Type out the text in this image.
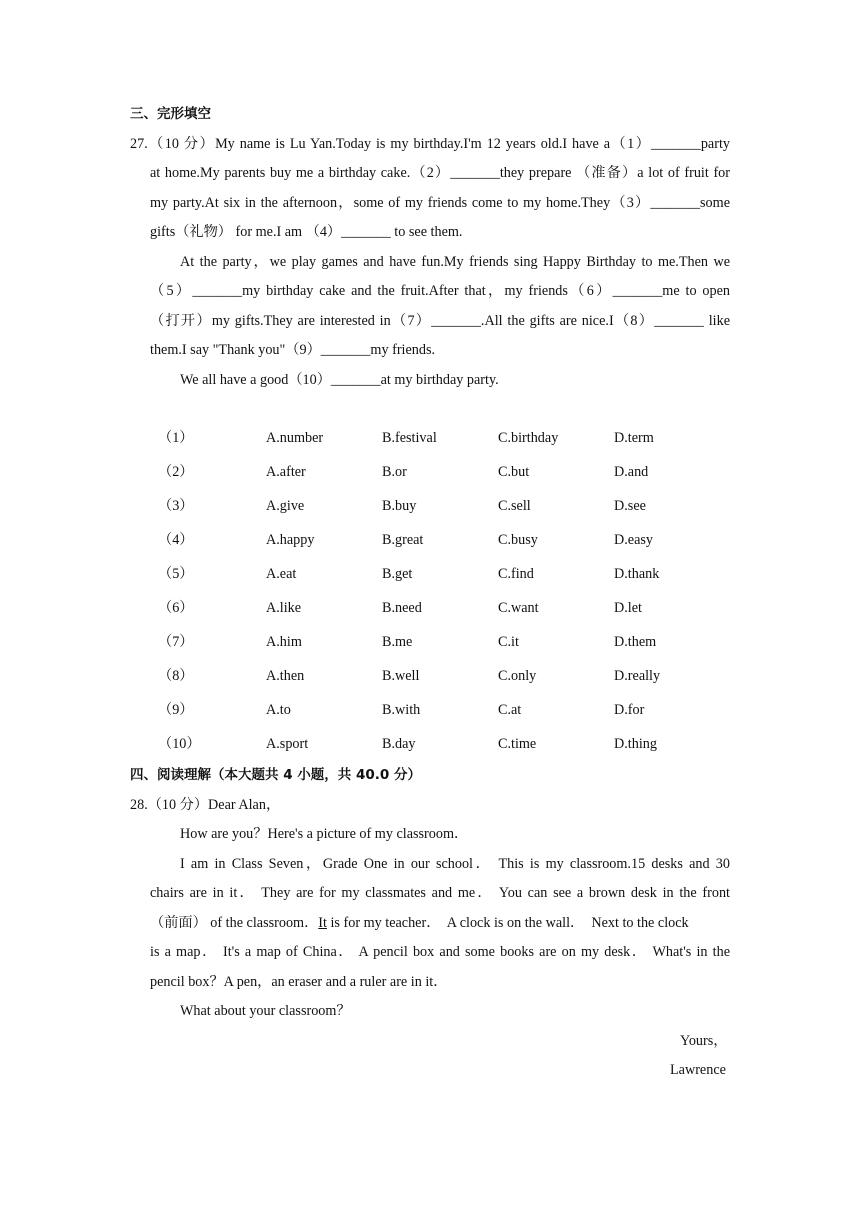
三、完形填空
27.（10 分）My name is Lu Yan.Today is my birthday.I'm 12 years old.I have a（1）_______party
at home.My parents buy me a birthday cake.（2）_______they prepare （准备）a lot of fruit for
my party.At six in the afternoon，some of my friends come to my home.They（3）_______some
gifts（礼物） for me.I am （4）_______ to see them.
At the party，we play games and have fun.My friends sing Happy Birthday to me.Then we
（5）_______my birthday cake and the fruit.After that，my friends（6）_______me to open
（打开）my gifts.They are interested in（7）_______.All the gifts are nice.I（8）_______ like
them.I say "Thank you"（9）_______my friends.
We all have a good（10）_______at my birthday party.
（1）	A.number	B.festival	C.birthday	D.term
（2）	A.after	B.or	C.but	D.and
（3）	A.give	B.buy	C.sell	D.see
（4）	A.happy	B.great	C.busy	D.easy
（5）	A.eat	B.get	C.find	D.thank
（6）	A.like	B.need	C.want	D.let
（7）	A.him	B.me	C.it	D.them
（8）	A.then	B.well	C.only	D.really
（9）	A.to	B.with	C.at	D.for
（10）	A.sport	B.day	C.time	D.thing
四、阅读理解（本大题共 4 小题，共 40.0 分）
28.（10 分）Dear Alan，
How are you？Here's a picture of my classroom．
I am in Class Seven，Grade One in our school． This is my classroom.15 desks and 30
chairs are in it． They are for my classmates and me． You can see a brown desk in the front
（前面） of the classroom． It is for my teacher．  A clock is on the wall．  Next to the clock
is a map． It's a map of China． A pencil box and some books are on my desk． What's in the
pencil box？A pen，an eraser and a ruler are in it．
What about your classroom？
Yours，
Lawrence
